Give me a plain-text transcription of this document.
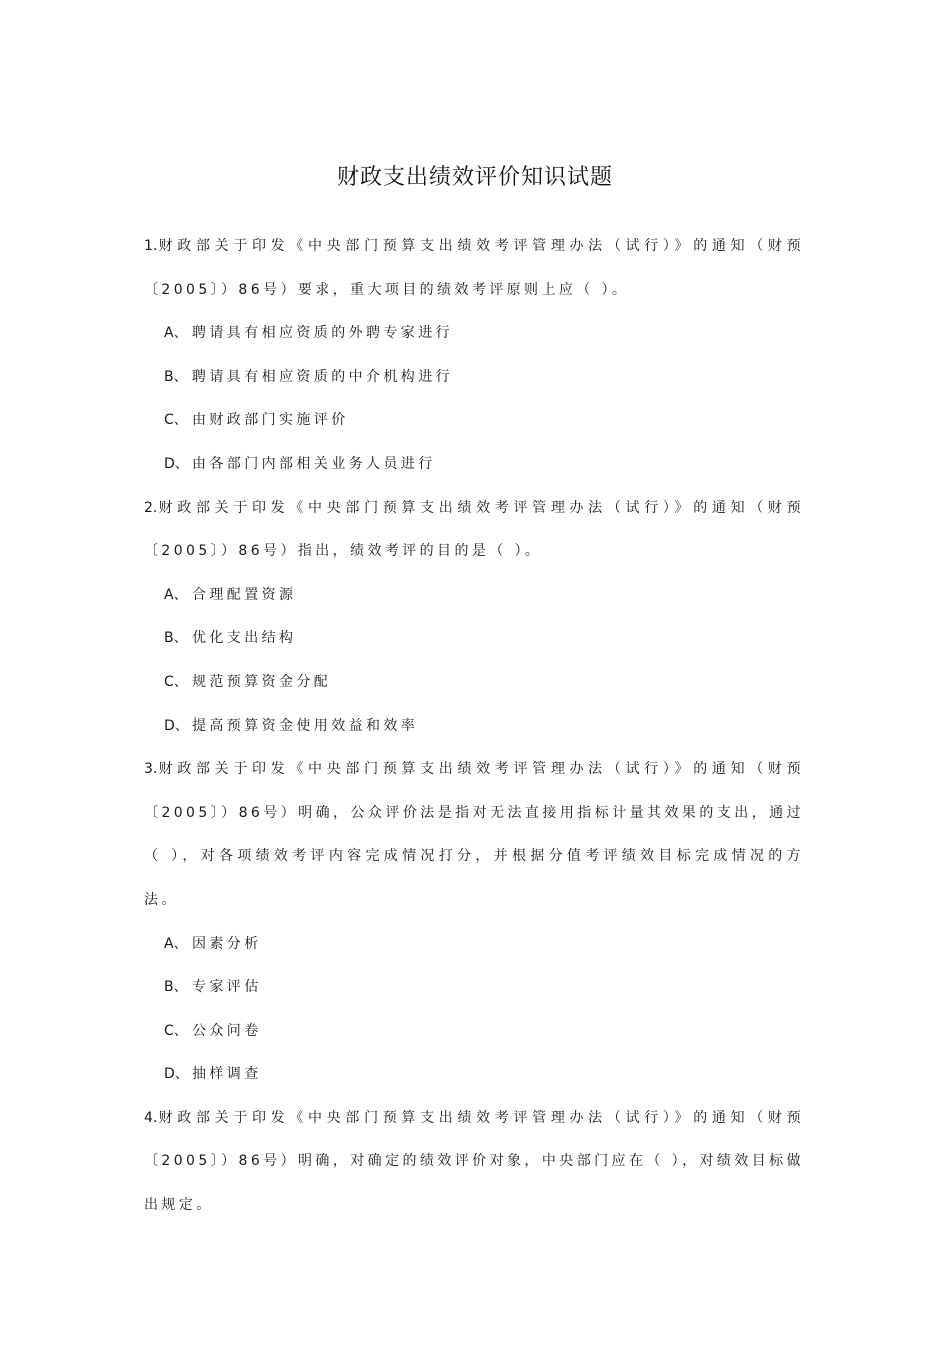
财政支出绩效评价知识试题

1.财政部关于印发《中央部门预算支出绩效考评管理办法（试行）》的通知（财预〔2005〕）86号）要求，重大项目的绩效考评原则上应（ ）。

A、 聘请具有相应资质的外聘专家进行
B、 聘请具有相应资质的中介机构进行
C、 由财政部门实施评价
D、 由各部门内部相关业务人员进行

2.财政部关于印发《中央部门预算支出绩效考评管理办法（试行）》的通知（财预〔2005〕）86号）指出，绩效考评的目的是（ ）。

A、 合理配置资源
B、 优化支出结构
C、 规范预算资金分配
D、 提高预算资金使用效益和效率

3.财政部关于印发《中央部门预算支出绩效考评管理办法（试行）》的通知（财预〔2005〕）86号）明确，公众评价法是指对无法直接用指标计量其效果的支出，通过（ ），对各项绩效考评内容完成情况打分，并根据分值考评绩效目标完成情况的方法。

A、 因素分析
B、 专家评估
C、 公众问卷
D、 抽样调查

4.财政部关于印发《中央部门预算支出绩效考评管理办法（试行）》的通知（财预〔2005〕）86号）明确，对确定的绩效评价对象，中央部门应在（ ），对绩效目标做出规定。
